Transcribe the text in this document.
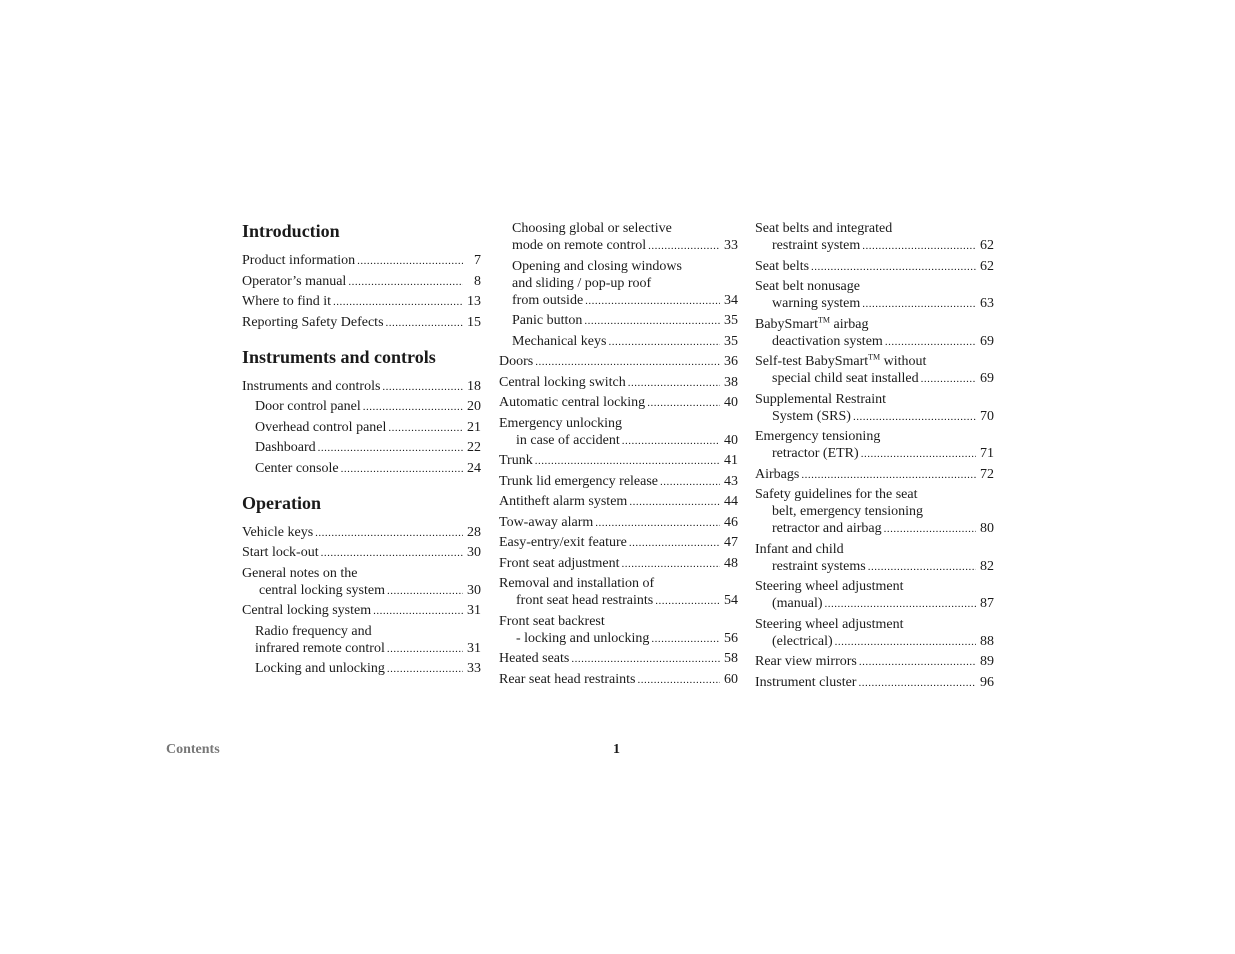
Introduction
Product information .....	7
Operator’s manual .....	8
Where to find it .....	13
Reporting Safety Defects .....	15
Instruments and controls
Instruments and controls .....	18
Door control panel .....	20
Overhead control panel .....	21
Dashboard .....	22
Center console .....	24
Operation
Vehicle keys .....	28
Start lock-out .....	30
General notes on the
central locking system .....	30
Central locking system .....	31
Radio frequency and
infrared remote control .....	31
Locking and unlocking .....	33
Choosing global or selective
mode on remote control .....	33
Opening and closing windows
and sliding / pop-up roof
from outside .....	34
Panic button .....	35
Mechanical keys .....	35
Doors .....	36
Central locking switch .....	38
Automatic central locking .....	40
Emergency unlocking
in case of accident .....	40
Trunk .....	41
Trunk lid emergency release .....	43
Antitheft alarm system .....	44
Tow-away alarm .....	46
Easy-entry/exit feature .....	47
Front seat adjustment .....	48
Removal and installation of
front seat head restraints .....	54
Front seat backrest
- locking and unlocking .....	56
Heated seats .....	58
Rear seat head restraints .....	60
Seat belts and integrated
restraint system .....	62
Seat belts .....	62
Seat belt nonusage
warning system .....	63
BabySmart™ airbag
deactivation system .....	69
Self-test BabySmart™ without
special child seat installed .....	69
Supplemental Restraint
System (SRS) .....	70
Emergency tensioning
retractor (ETR) .....	71
Airbags .....	72
Safety guidelines for the seat
belt, emergency tensioning
retractor and airbag .....	80
Infant and child
restraint systems .....	82
Steering wheel adjustment
(manual) .....	87
Steering wheel adjustment
(electrical) .....	88
Rear view mirrors .....	89
Instrument cluster .....	96
Contents	1
